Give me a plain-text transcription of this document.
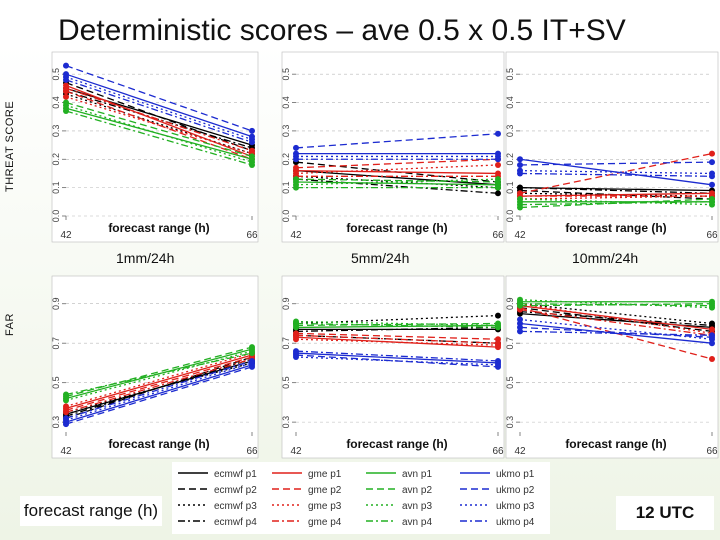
Deterministic scores – ave 0.5 x 0.5 IT+SV
THREAT SCORE
FAR
1mm/24h	5mm/24h	10mm/24h
0.0
0.1
0.2
0.3
0.4
0.5
42	66
forecast range (h)
0.0
0.1
0.2
0.3
0.4
0.5
42	66
forecast range (h)
0.0
0.1
0.2
0.3
0.4
0.5
42	66
forecast range (h)
0.3
0.5
0.7
0.9
42	66
forecast range (h)
0.3
0.5
0.7
0.9
42	66
forecast range (h)
0.3
0.5
0.7
0.9
42	66
forecast range (h)
ecmwf p1
ecmwf p2
ecmwf p3
ecmwf p4
gme p1
gme p2
gme p3
gme p4
avn p1
avn p2
avn p3
avn p4
ukmo p1
ukmo p2
ukmo p3
ukmo p4
forecast range (h)	12 UTC
